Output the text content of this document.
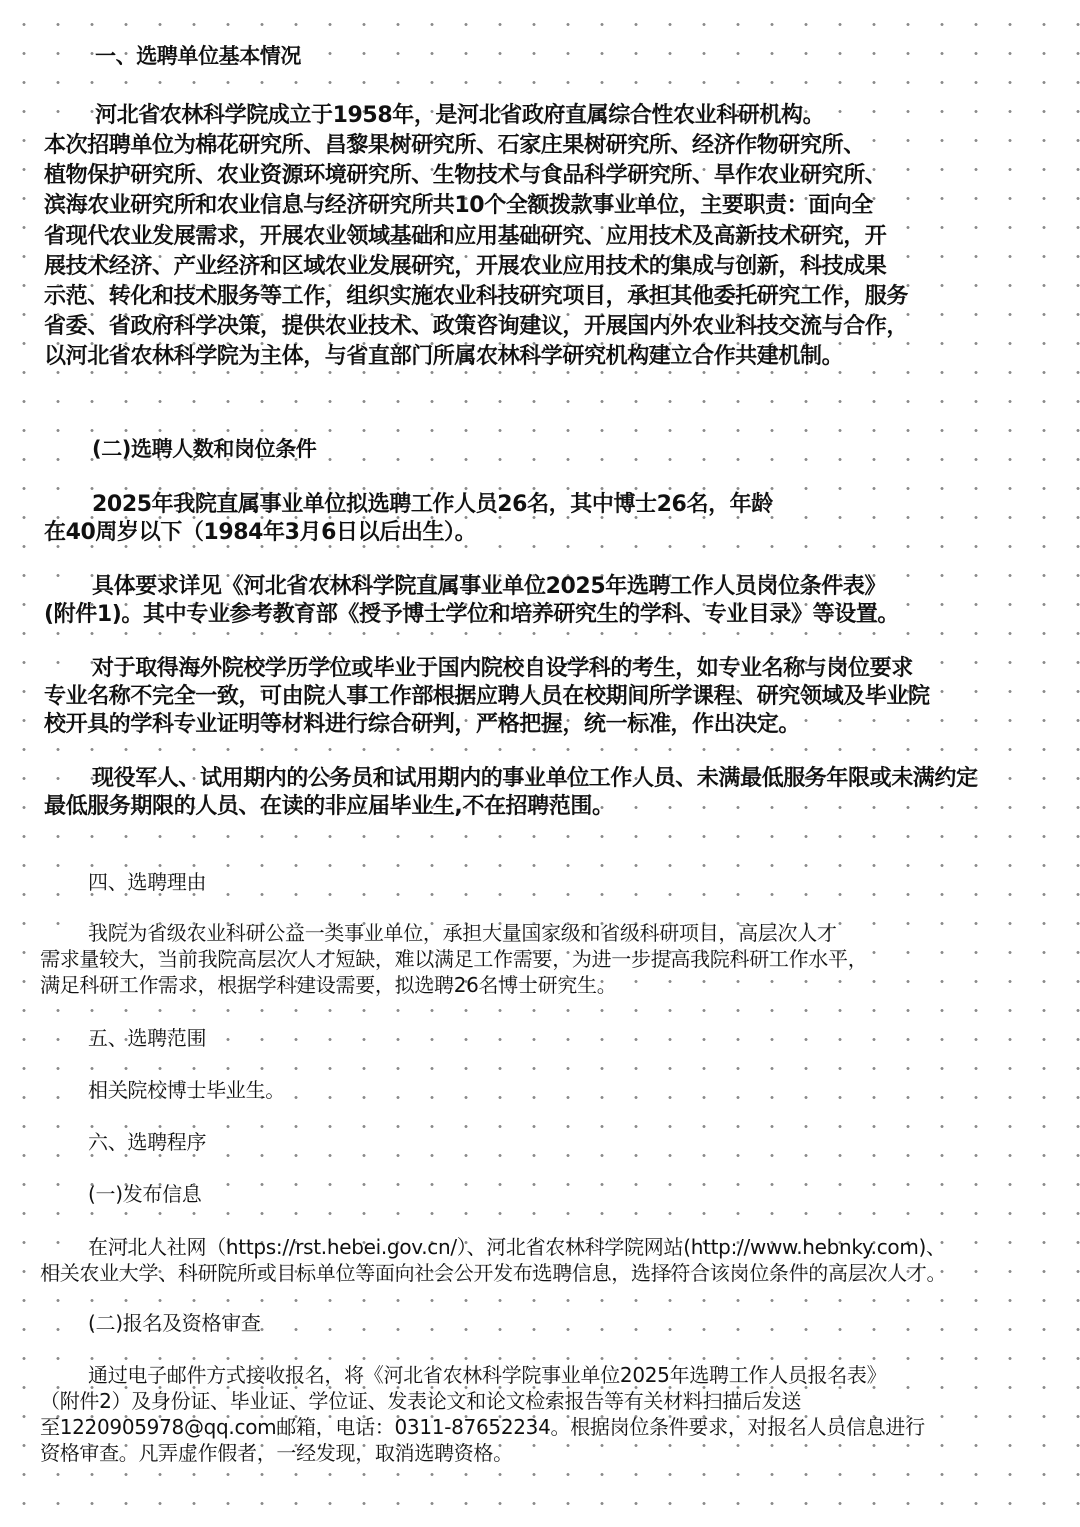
一、选聘单位基本情况
河北省农林科学院成立于1958年，是河北省政府直属综合性农业科研机构。
本次招聘单位为棉花研究所、昌黎果树研究所、石家庄果树研究所、经济作物研究所、
植物保护研究所、农业资源环境研究所、生物技术与食品科学研究所、旱作农业研究所、
滨海农业研究所和农业信息与经济研究所共10个全额拨款事业单位，主要职责：面向全
省现代农业发展需求，开展农业领域基础和应用基础研究、应用技术及高新技术研究，开
展技术经济、产业经济和区域农业发展研究，开展农业应用技术的集成与创新，科技成果
示范、转化和技术服务等工作，组织实施农业科技研究项目，承担其他委托研究工作，服务
省委、省政府科学决策，提供农业技术、政策咨询建议，开展国内外农业科技交流与合作，
以河北省农林科学院为主体，与省直部门所属农林科学研究机构建立合作共建机制。
(二)选聘人数和岗位条件
2025年我院直属事业单位拟选聘工作人员26名，其中博士26名，年龄
在40周岁以下（1984年3月6日以后出生）。
具体要求详见《河北省农林科学院直属事业单位2025年选聘工作人员岗位条件表》
(附件1)。其中专业参考教育部《授予博士学位和培养研究生的学科、专业目录》等设置。
对于取得海外院校学历学位或毕业于国内院校自设学科的考生，如专业名称与岗位要求
专业名称不完全一致，可由院人事工作部根据应聘人员在校期间所学课程、研究领域及毕业院
校开具的学科专业证明等材料进行综合研判，严格把握，统一标准，作出决定。
现役军人、试用期内的公务员和试用期内的事业单位工作人员、未满最低服务年限或未满约定
最低服务期限的人员、在读的非应届毕业生,不在招聘范围。
四、选聘理由
我院为省级农业科研公益一类事业单位，承担大量国家级和省级科研项目，高层次人才
需求量较大，当前我院高层次人才短缺，难以满足工作需要，为进一步提高我院科研工作水平，
满足科研工作需求，根据学科建设需要，拟选聘26名博士研究生。
五、选聘范围
相关院校博士毕业生。
六、选聘程序
(一)发布信息
在河北人社网（https://rst.hebei.gov.cn/）、河北省农林科学院网站(http://www.hebnky.com)、
相关农业大学、科研院所或目标单位等面向社会公开发布选聘信息，选择符合该岗位条件的高层次人才。
(二)报名及资格审查
通过电子邮件方式接收报名，将《河北省农林科学院事业单位2025年选聘工作人员报名表》
（附件2）及身份证、毕业证、学位证、发表论文和论文检索报告等有关材料扫描后发送
至1220905978@qq.com邮箱，电话：0311-87652234。根据岗位条件要求，对报名人员信息进行
资格审查。凡弄虚作假者，一经发现，取消选聘资格。
